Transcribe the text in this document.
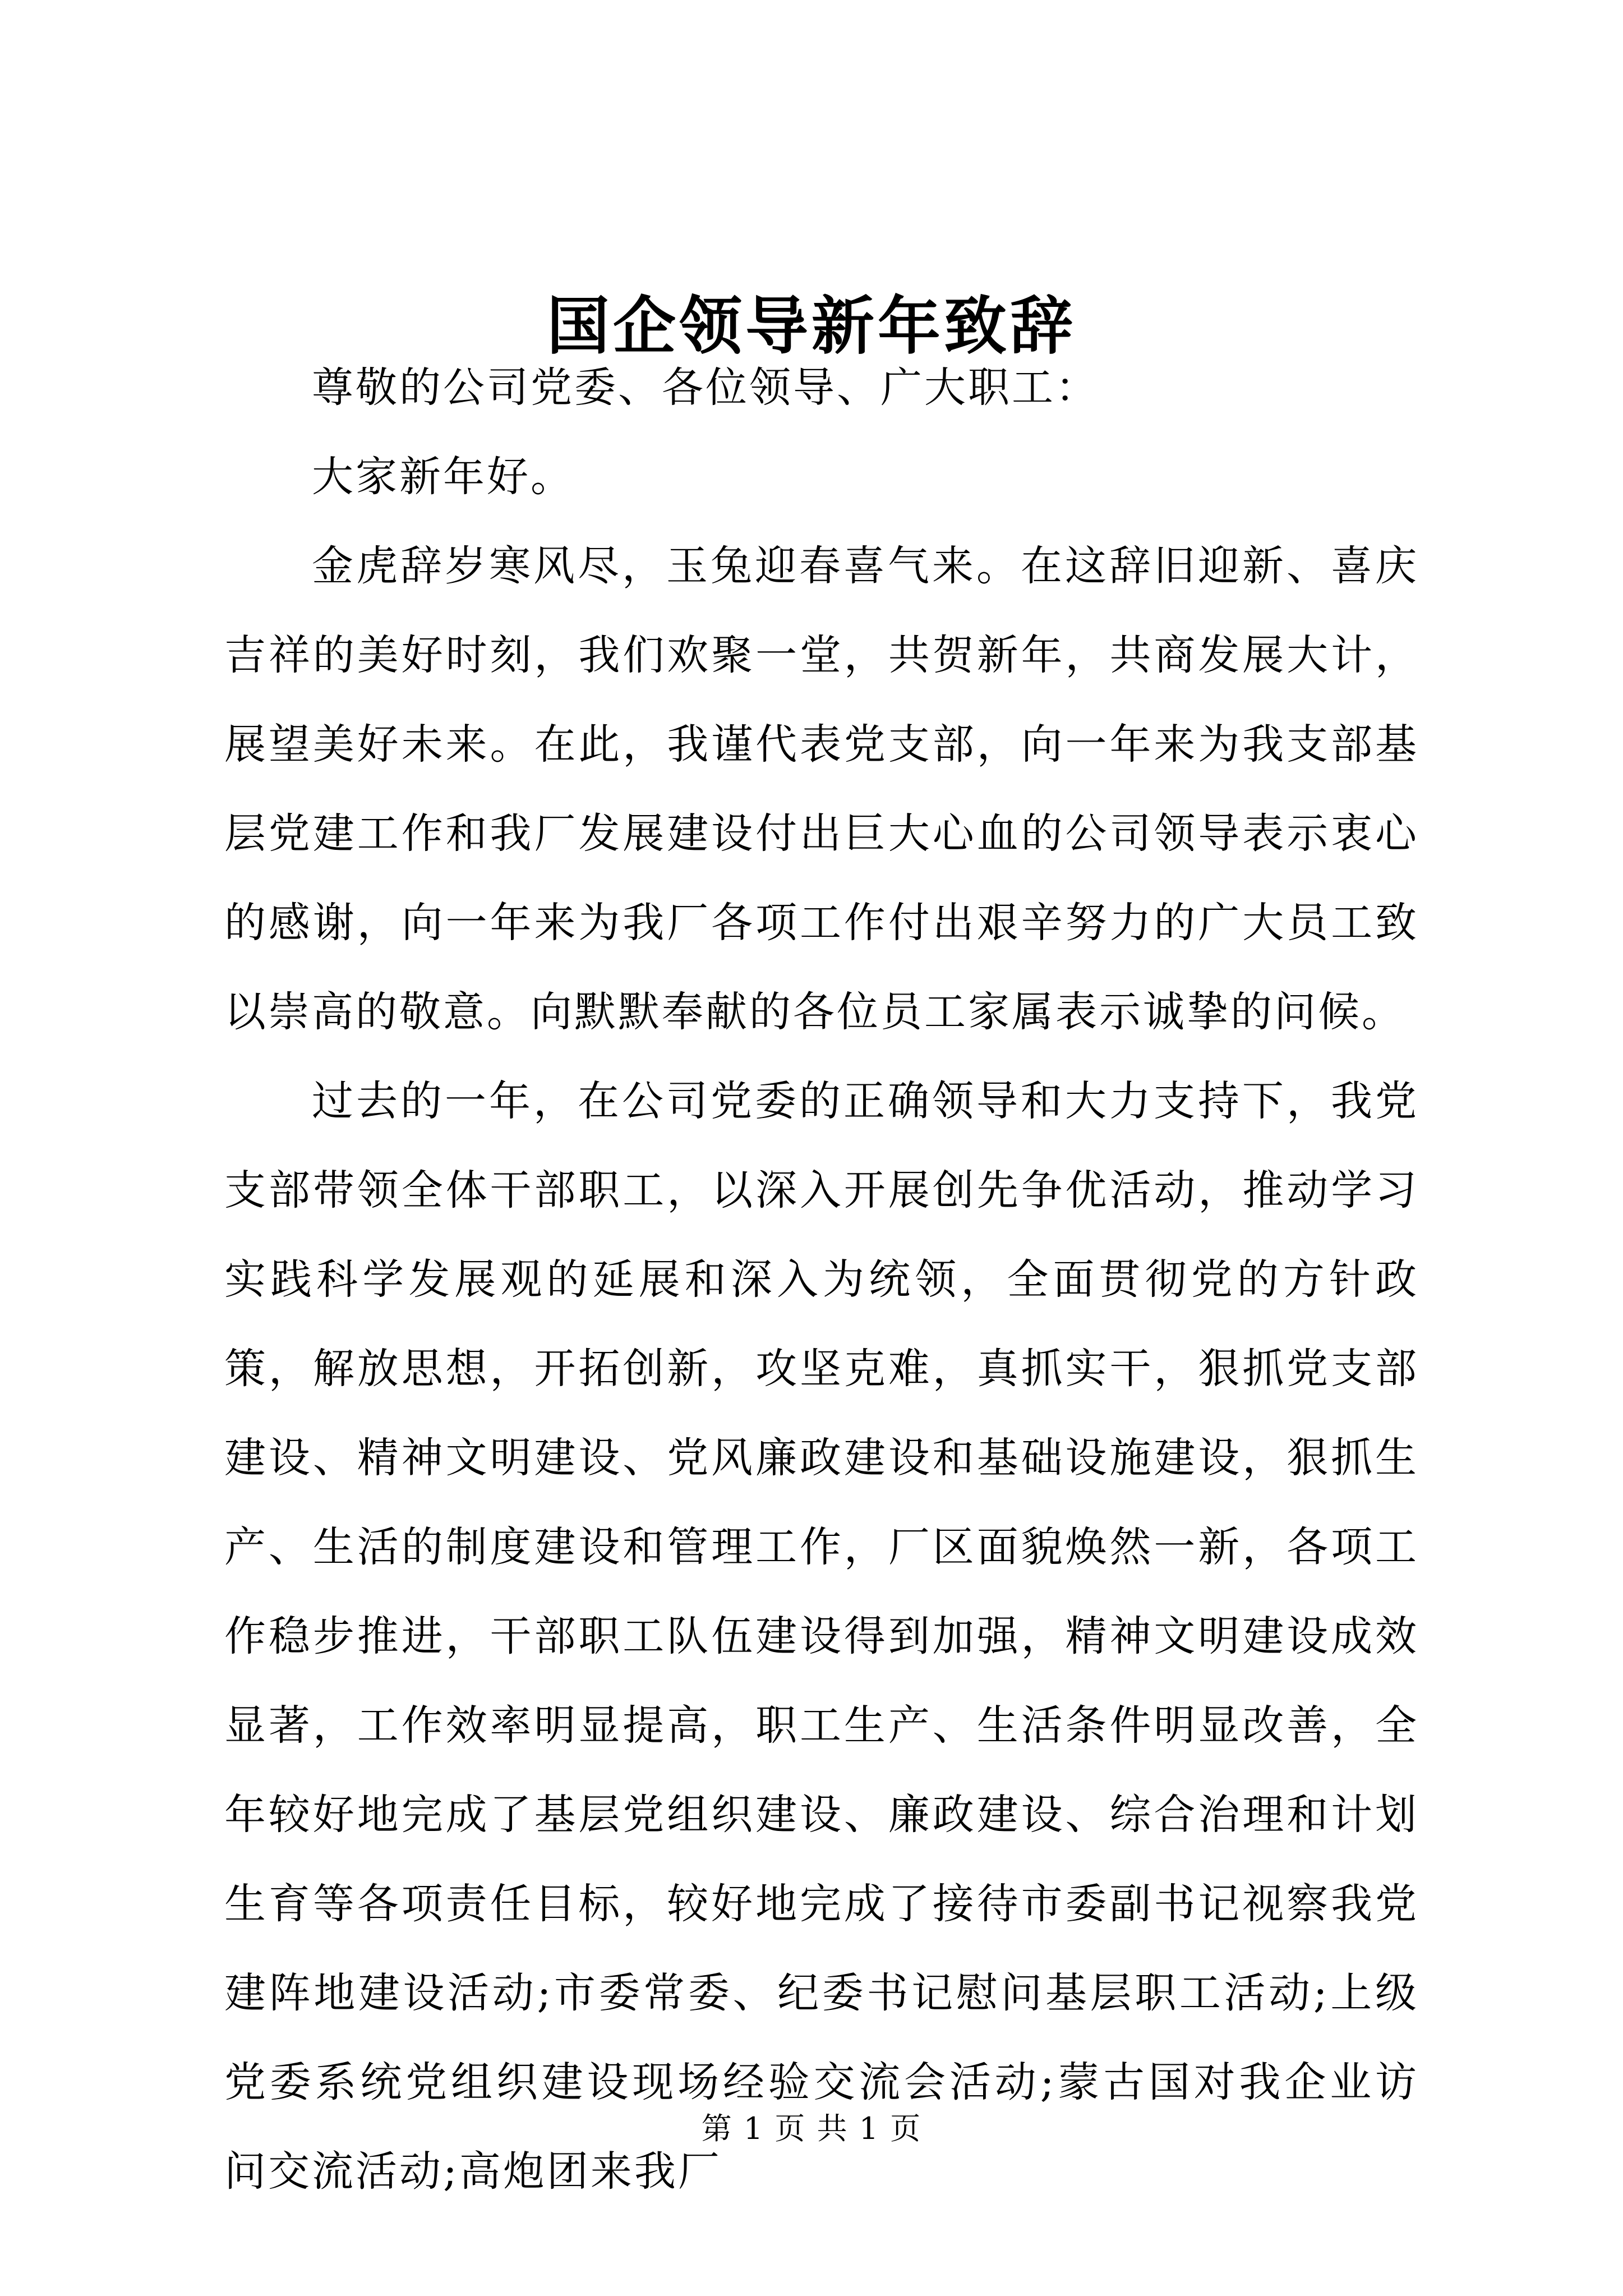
国企领导新年致辞

尊敬的公司党委、各位领导、广大职工：

大家新年好。

金虎辞岁寒风尽，玉兔迎春喜气来。在这辞旧迎新、喜庆吉祥的美好时刻，我们欢聚一堂，共贺新年，共商发展大计，展望美好未来。在此，我谨代表党支部，向一年来为我支部基层党建工作和我厂发展建设付出巨大心血的公司领导表示衷心的感谢，向一年来为我厂各项工作付出艰辛努力的广大员工致以崇高的敬意。向默默奉献的各位员工家属表示诚挚的问候。

过去的一年，在公司党委的正确领导和大力支持下，我党支部带领全体干部职工，以深入开展创先争优活动，推动学习实践科学发展观的延展和深入为统领，全面贯彻党的方针政策，解放思想，开拓创新，攻坚克难，真抓实干，狠抓党支部建设、精神文明建设、党风廉政建设和基础设施建设，狠抓生产、生活的制度建设和管理工作，厂区面貌焕然一新，各项工作稳步推进，干部职工队伍建设得到加强，精神文明建设成效显著，工作效率明显提高，职工生产、生活条件明显改善，全年较好地完成了基层党组织建设、廉政建设、综合治理和计划生育等各项责任目标，较好地完成了接待市委副书记视察我党建阵地建设活动;市委常委、纪委书记慰问基层职工活动;上级党委系统党组织建设现场经验交流会活动;蒙古国对我企业访问交流活动;高炮团来我厂

第 1 页 共 1 页
